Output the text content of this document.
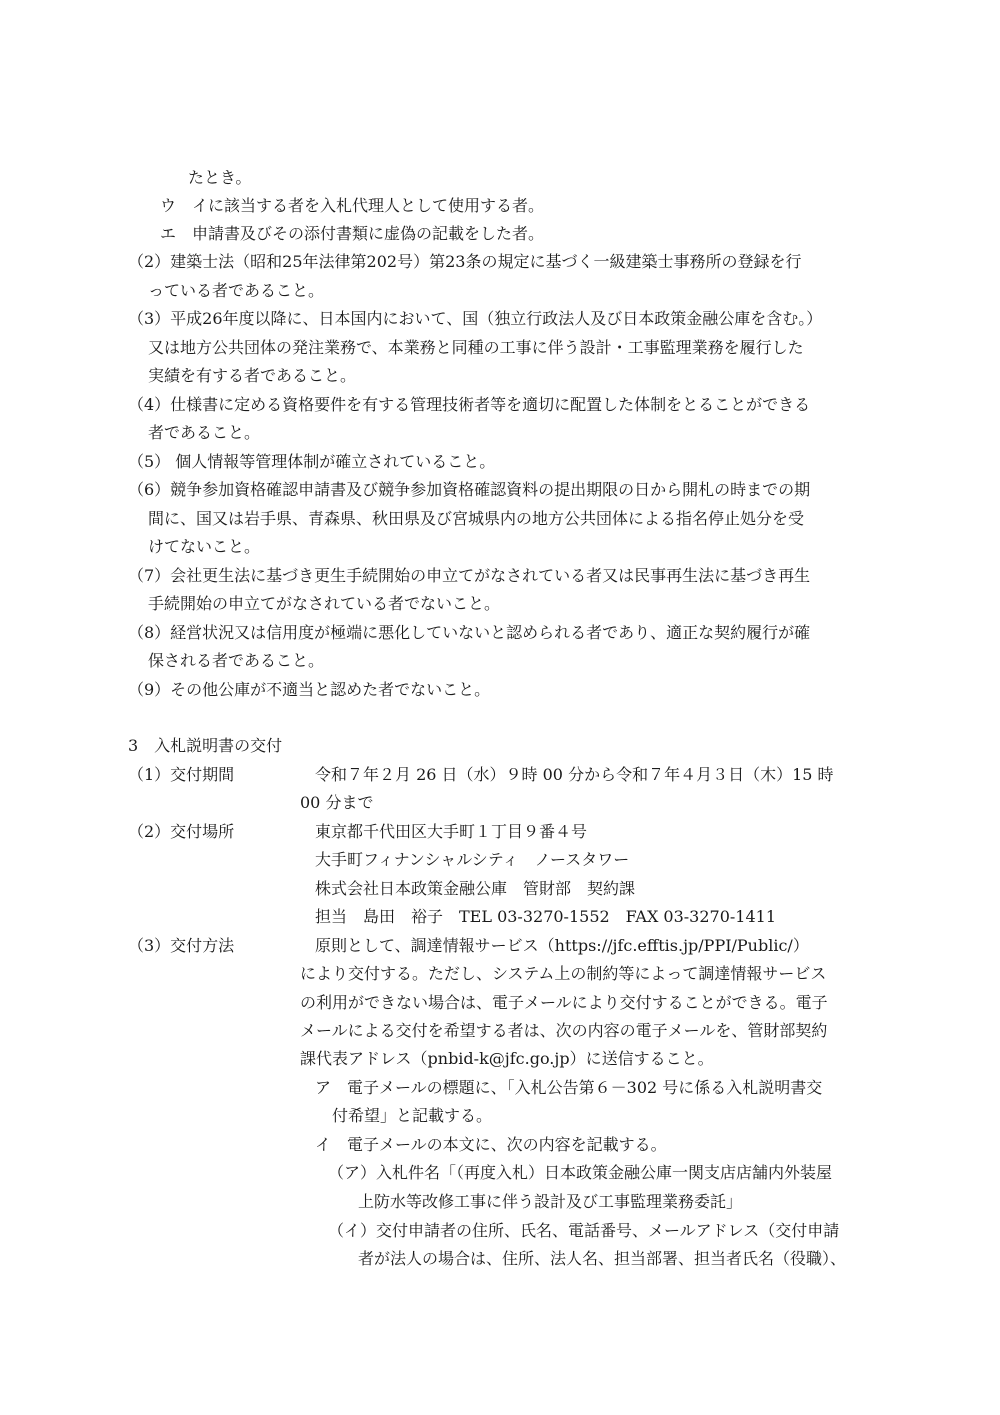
たとき。
ウ　イに該当する者を入札代理人として使用する者。
エ　申請書及びその添付書類に虚偽の記載をした者。
（2）建築士法（昭和25年法律第202号）第23条の規定に基づく一級建築士事務所の登録を行
っている者であること。
（3）平成26年度以降に、日本国内において、国（独立行政法人及び日本政策金融公庫を含む。）
又は地方公共団体の発注業務で、本業務と同種の工事に伴う設計・工事監理業務を履行した
実績を有する者であること。
（4）仕様書に定める資格要件を有する管理技術者等を適切に配置した体制をとることができる
者であること。
（5） 個人情報等管理体制が確立されていること。
（6）競争参加資格確認申請書及び競争参加資格確認資料の提出期限の日から開札の時までの期
間に、国又は岩手県、青森県、秋田県及び宮城県内の地方公共団体による指名停止処分を受
けてないこと。
（7）会社更生法に基づき更生手続開始の申立てがなされている者又は民事再生法に基づき再生
手続開始の申立てがなされている者でないこと。
（8）経営状況又は信用度が極端に悪化していないと認められる者であり、適正な契約履行が確
保される者であること。
（9）その他公庫が不適当と認めた者でないこと。
3　入札説明書の交付
（1）交付期間	令和７年２月 26 日（水）９時 00 分から令和７年４月３日（木）15 時
00 分まで
（2）交付場所	東京都千代田区大手町１丁目９番４号
大手町フィナンシャルシティ　ノースタワー
株式会社日本政策金融公庫　管財部　契約課
担当　島田　裕子　TEL 03-3270-1552　FAX 03-3270-1411
（3）交付方法	原則として、調達情報サービス（https://jfc.efftis.jp/PPI/Public/）
により交付する。ただし、システム上の制約等によって調達情報サービス
の利用ができない場合は、電子メールにより交付することができる。電子
メールによる交付を希望する者は、次の内容の電子メールを、管財部契約
課代表アドレス（pnbid-k@jfc.go.jp）に送信すること。
ア　電子メールの標題に、「入札公告第６－302 号に係る入札説明書交
付希望」と記載する。
イ　電子メールの本文に、次の内容を記載する。
（ア）入札件名「（再度入札）日本政策金融公庫一関支店店舗内外装屋
上防水等改修工事に伴う設計及び工事監理業務委託」
（イ）交付申請者の住所、氏名、電話番号、メールアドレス（交付申請
者が法人の場合は、住所、法人名、担当部署、担当者氏名（役職）、
